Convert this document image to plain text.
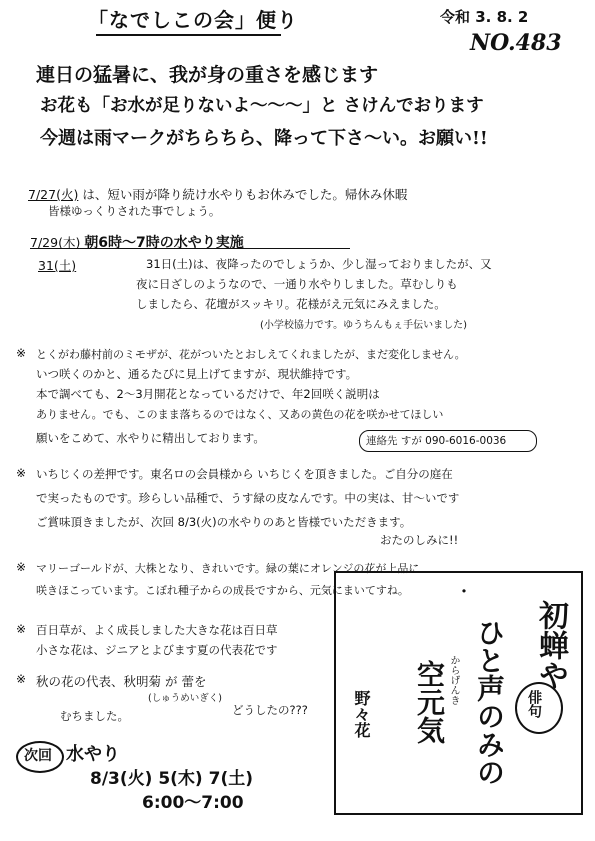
「なでしこの会」便り	令和 3. 8. 2
NO.483
連日の猛暑に、我が身の重さを感じます
お花も「お水が足りないよ～～～」と さけんでおります
今週は雨マークがちらちら、降って下さ～い。お願い!!
7/27(火) は、短い雨が降り続け水やりもお休みでした。帰休み休暇
皆様ゆっくりされた事でしょう。
7/29(木) 朝6時～7時の水やり実施
31(土)	31日(土)は、夜降ったのでしょうか、少し湿っておりましたが、又
夜に日ざしのようなので、一通り水やりしました。草むしりも
しましたら、花壇がスッキリ。花様がえ元気にみえました。
(小学校協力です。ゆうちんもぇ手伝いました)
※ とくがわ藤村前のミモザが、花がついたとおしえてくれましたが、まだ変化しません。
いつ咲くのかと、通るたびに見上げてますが、現状維持です。
本で調べても、2～3月開花となっているだけで、年2回咲く説明は
ありません。でも、このまま落ちるのではなく、又あの黄色の花を咲かせてほしい
願いをこめて、水やりに精出しております。	連絡先 すが 090-6016-0036
※ いちじくの差押です。東名ロの会員様から いちじくを頂きました。ご自分の庭在
で実ったものです。珍らしい品種で、うす緑の皮なんです。中の実は、甘～いです
ご賞味頂きましたが、次回 8/3(火)の水やりのあと皆様でいただきます。
おたのしみに!!
※ マリーゴールドが、大株となり、きれいです。緑の葉にオレンジの花が上品に
咲きほこっています。こぼれ種子からの成長ですから、元気にまいてすね。
※ 百日草が、よく成長しました大きな花は百日草
小さな花は、ジニアとよびます夏の代表花です
※ 秋の花の代表、秋明菊 が 蕾を
(しゅうめいぎく)
むちました。	どうしたの???
次回 水やり
8/3(火) 5(木) 7(土)
6:00～7:00
・
初蝉や
ひと声のみの
空元気 からげんき
野々花	俳句
